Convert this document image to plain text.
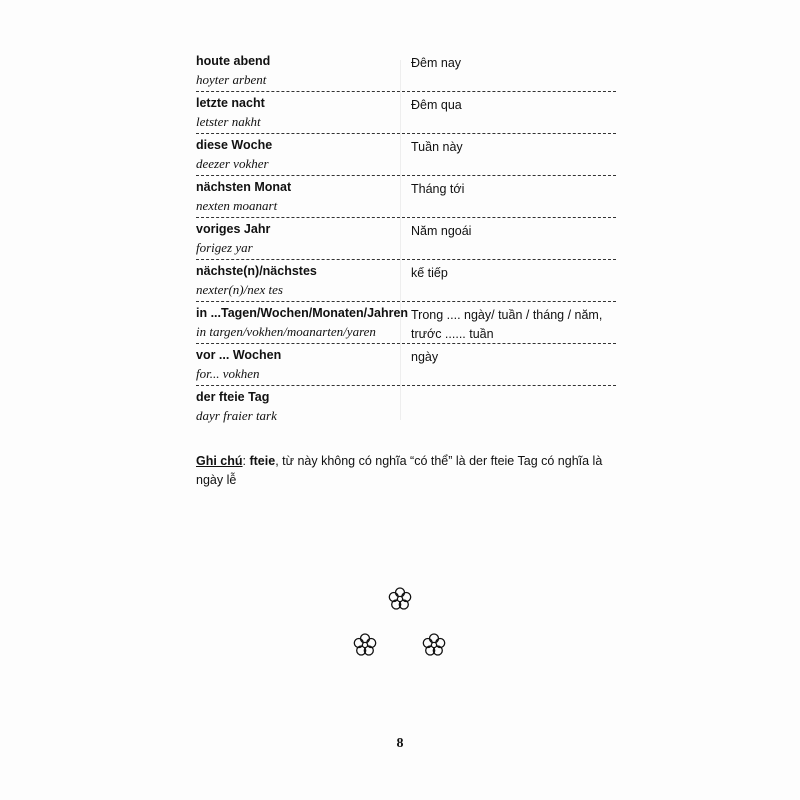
houte abend
hoyter arbent
Đêm nay
letzte nacht
letster nakht
Đêm qua
diese Woche
deezer vokher
Tuần này
nächsten Monat
nexten moanart
Tháng tới
voriges Jahr
forigez yar
Năm ngoái
nächste(n)/nächstes
nexter(n)/nex tes
kế tiếp
in ...Tagen/Wochen/Monaten/Jahren
in targen/vokhen/moanarten/yaren
Trong .... ngày/ tuần / tháng / năm, trước ...... tuần
vor ... Wochen
for... vokhen
ngày
der fteie Tag
dayr fraier tark
Ghi chú: fteie, từ này không có nghĩa “có thể” là der fteie Tag có nghĩa là ngày lễ
8
